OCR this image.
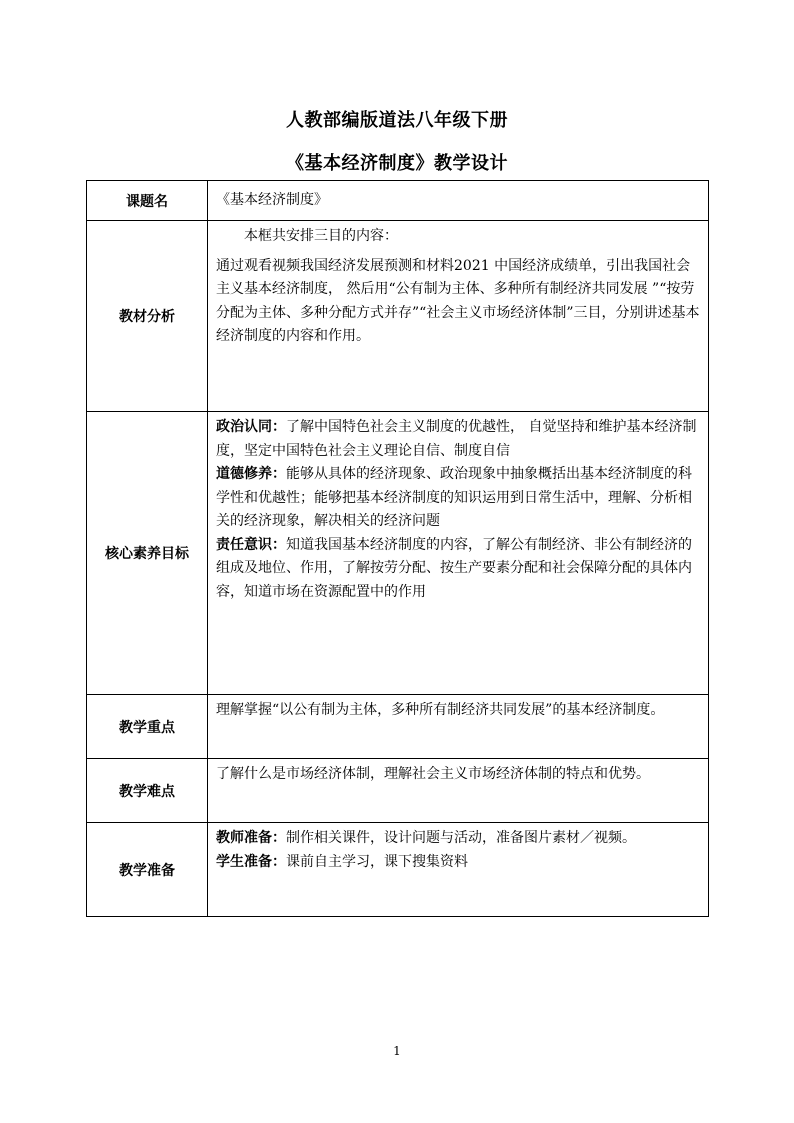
人教部编版道法八年级下册
《基本经济制度》教学设计
课题名	《基本经济制度》
教材分析	本框共安排三目的内容：

通过观看视频我国经济发展预测和材料2021 中国经济成绩单，引出我国社会主义基本经济制度， 然后用“公有制为主体、多种所有制经济共同发展 ”“按劳分配为主体、多种分配方式并存”“社会主义市场经济体制”三目，分别讲述基本经济制度的内容和作用。

核心素养目标	政治认同：了解中国特色社会主义制度的优越性， 自觉坚持和维护基本经济制度，坚定中国特色社会主义理论自信、制度自信

道德修养：能够从具体的经济现象、政治现象中抽象概括出基本经济制度的科学性和优越性；能够把基本经济制度的知识运用到日常生活中，理解、分析相关的经济现象，解决相关的经济问题

责任意识：知道我国基本经济制度的内容，了解公有制经济、非公有制经济的组成及地位、作用，了解按劳分配、按生产要素分配和社会保障分配的具体内容，知道市场在资源配置中的作用

教学重点	理解掌握“以公有制为主体，多种所有制经济共同发展”的基本经济制度。
教学难点	了解什么是市场经济体制，理解社会主义市场经济体制的特点和优势。
教学准备	教师准备：制作相关课件，设计问题与活动，准备图片素材／视频。

学生准备：课前自主学习，课下搜集资料

1
